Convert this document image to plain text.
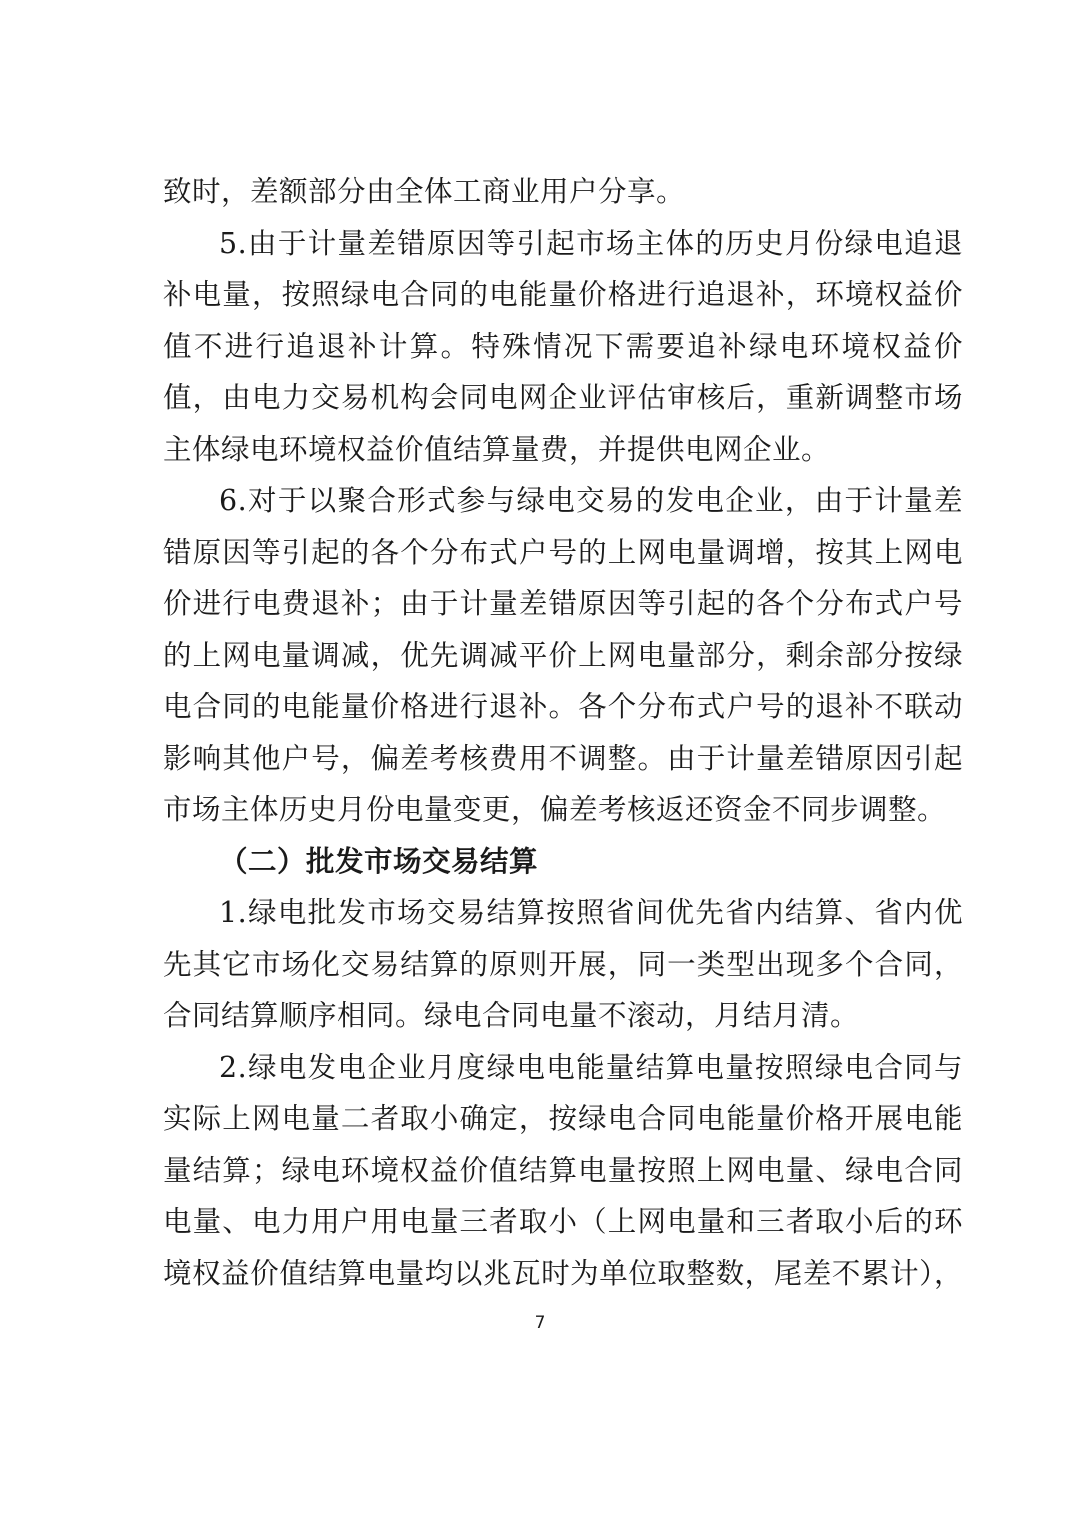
致时，差额部分由全体工商业用户分享。
5.由于计量差错原因等引起市场主体的历史月份绿电追退
补电量，按照绿电合同的电能量价格进行追退补，环境权益价
值不进行追退补计算。特殊情况下需要追补绿电环境权益价
值，由电力交易机构会同电网企业评估审核后，重新调整市场
主体绿电环境权益价值结算量费，并提供电网企业。
6.对于以聚合形式参与绿电交易的发电企业，由于计量差
错原因等引起的各个分布式户号的上网电量调增，按其上网电
价进行电费退补；由于计量差错原因等引起的各个分布式户号
的上网电量调减，优先调减平价上网电量部分，剩余部分按绿
电合同的电能量价格进行退补。各个分布式户号的退补不联动
影响其他户号，偏差考核费用不调整。由于计量差错原因引起
市场主体历史月份电量变更，偏差考核返还资金不同步调整。
（二）批发市场交易结算
1.绿电批发市场交易结算按照省间优先省内结算、省内优
先其它市场化交易结算的原则开展，同一类型出现多个合同，
合同结算顺序相同。绿电合同电量不滚动，月结月清。
2.绿电发电企业月度绿电电能量结算电量按照绿电合同与
实际上网电量二者取小确定，按绿电合同电能量价格开展电能
量结算；绿电环境权益价值结算电量按照上网电量、绿电合同
电量、电力用户用电量三者取小（上网电量和三者取小后的环
境权益价值结算电量均以兆瓦时为单位取整数，尾差不累计），
7
